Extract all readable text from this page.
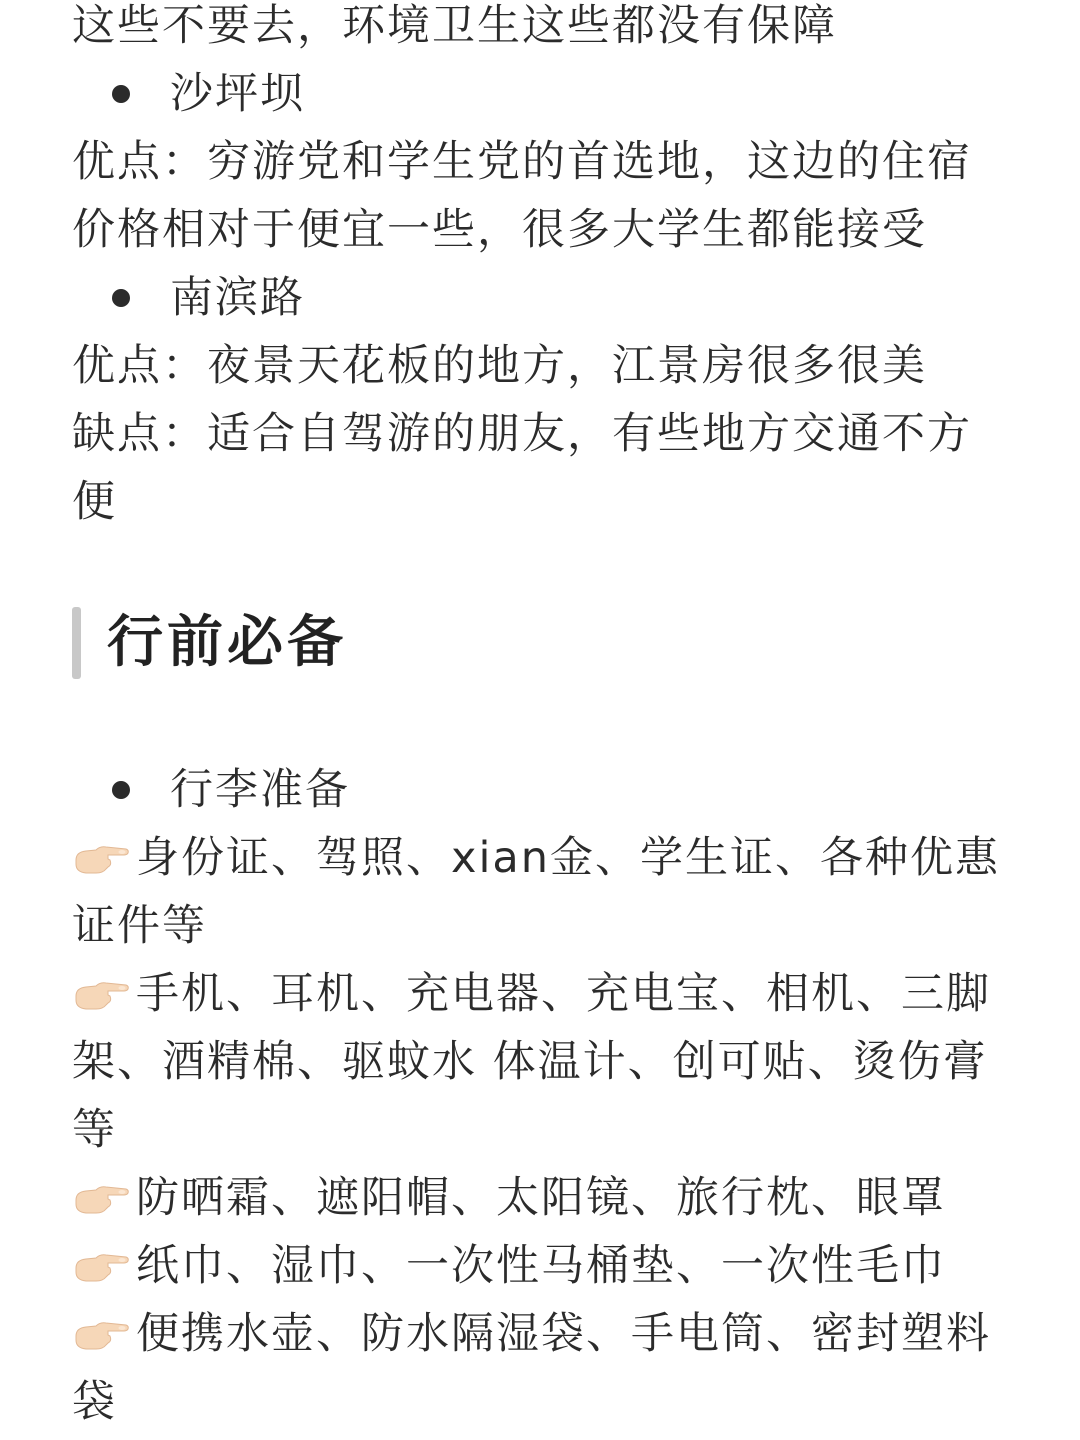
这些不要去，环境卫生这些都没有保障
沙坪坝

优点：穷游党和学生党的首选地，这边的住宿价格相对于便宜一些，很多大学生都能接受

南滨路

优点：夜景天花板的地方，江景房很多很美

缺点：适合自驾游的朋友，有些地方交通不方便

行前必备
行李准备

身份证、驾照、xian金、学生证、各种优惠证件等

手机、耳机、充电器、充电宝、相机、三脚架、酒精棉、驱蚊水 体温计、创可贴、烫伤膏等

防晒霜、遮阳帽、太阳镜、旅行枕、眼罩

纸巾、湿巾、一次性马桶垫、一次性毛巾

便携水壶、防水隔湿袋、手电筒、密封塑料袋
